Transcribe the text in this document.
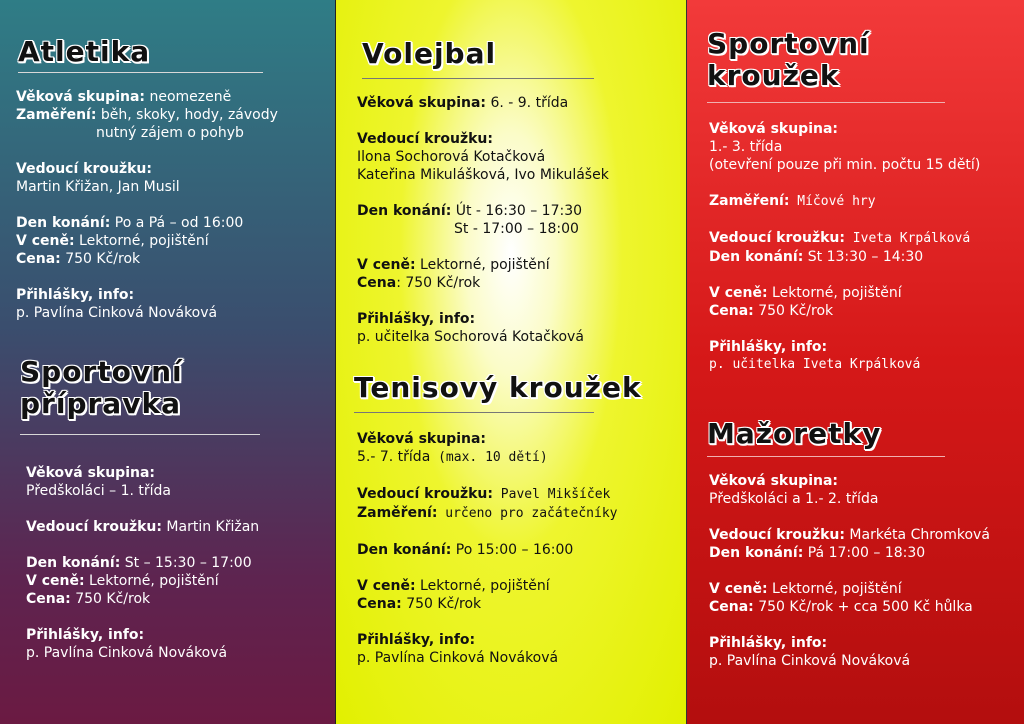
Atletika
Věková skupina: neomezeně
Zaměření: běh, skoky, hody, závody
nutný zájem o pohyb
Vedoucí kroužku:
Martin Křižan, Jan Musil
Den konání: Po a Pá – od 16:00
V ceně: Lektorné, pojištění
Cena: 750 Kč/rok
Přihlášky, info:
p. Pavlína Cinková Nováková
Sportovní
přípravka
Věková skupina:
Předškoláci – 1. třída
Vedoucí kroužku: Martin Křižan
Den konání: St – 15:30 – 17:00
V ceně: Lektorné, pojištění
Cena: 750 Kč/rok
Přihlášky, info:
p. Pavlína Cinková Nováková
Volejbal
Věková skupina: 6. - 9. třída
Vedoucí kroužku:
Ilona Sochorová Kotačková
Kateřina Mikulášková, Ivo Mikulášek
Den konání: Út - 16:30 – 17:30
St - 17:00 – 18:00
V ceně: Lektorné, pojištění
Cena: 750 Kč/rok
Přihlášky, info:
p. učitelka Sochorová Kotačková
Tenisový kroužek
Věková skupina:
5.- 7. třída (max. 10 dětí)
Vedoucí kroužku: Pavel Mikšíček
Zaměření: určeno pro začátečníky
Den konání: Po 15:00 – 16:00
V ceně: Lektorné, pojištění
Cena: 750 Kč/rok
Přihlášky, info:
p. Pavlína Cinková Nováková
Sportovní
kroužek
Věková skupina:
1.- 3. třída
(otevření pouze při min. počtu 15 dětí)
Zaměření: Míčové hry
Vedoucí kroužku: Iveta Krpálková
Den konání: St 13:30 – 14:30
V ceně: Lektorné, pojištění
Cena: 750 Kč/rok
Přihlášky, info:
p. učitelka Iveta Krpálková
Mažoretky
Věková skupina:
Předškoláci a 1.- 2. třída
Vedoucí kroužku: Markéta Chromková
Den konání: Pá 17:00 – 18:30
V ceně: Lektorné, pojištění
Cena: 750 Kč/rok + cca 500 Kč hůlka
Přihlášky, info:
p. Pavlína Cinková Nováková
